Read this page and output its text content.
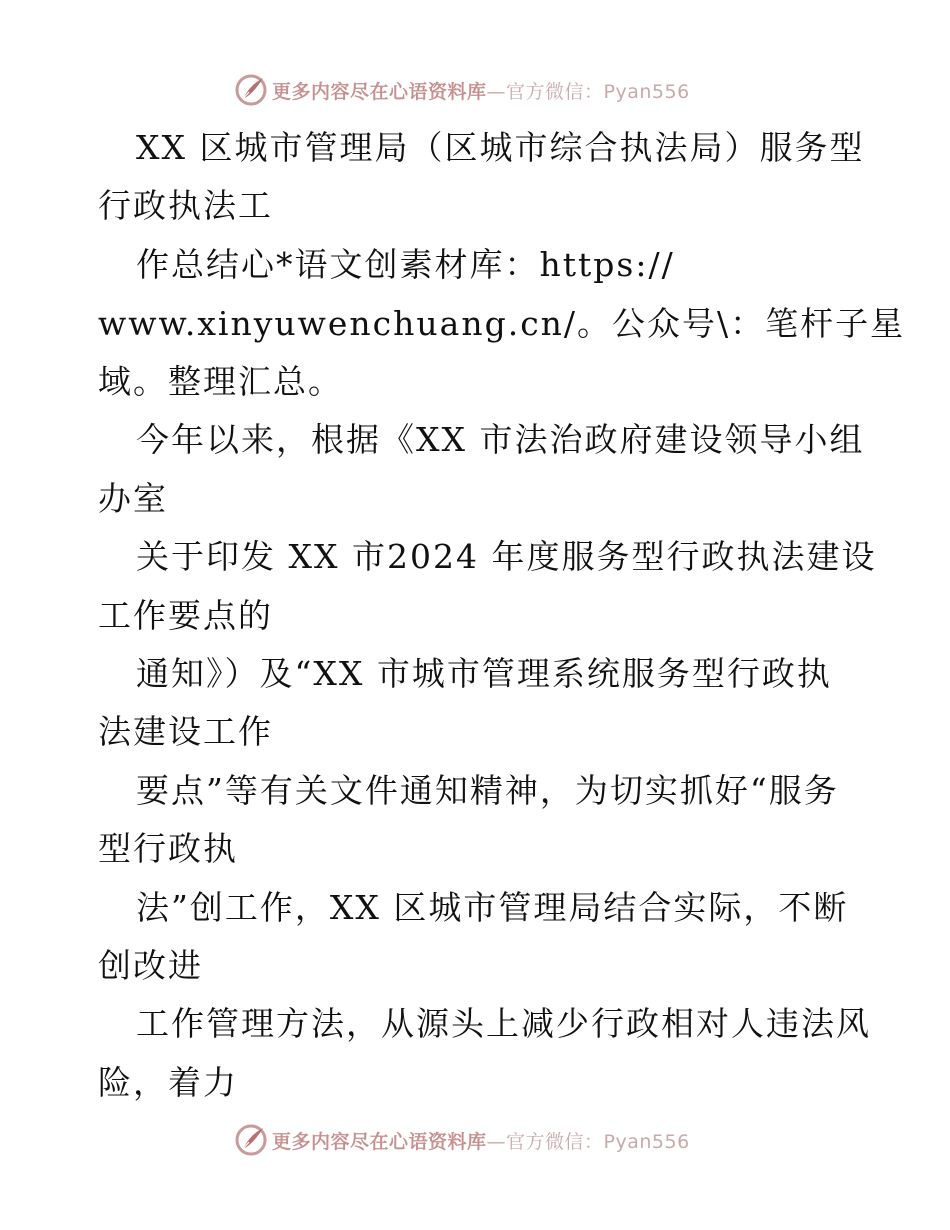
更多内容尽在心语资料库—官方微信：Pyan556
XX 区城市管理局（区城市综合执法局）服务型
行政执法工
作总结心*语文创素材库：https://
www.xinyuwenchuang.cn/。公众号\：笔杆子星
域。整理汇总。
今年以来，根据《XX 市法治政府建设领导小组
办室
关于印发 XX 市2024 年度服务型行政执法建设
工作要点的
通知》）及“XX 市城市管理系统服务型行政执
法建设工作
要点”等有关文件通知精神，为切实抓好“服务
型行政执
法”创工作，XX 区城市管理局结合实际，不断
创改进
工作管理方法，从源头上减少行政相对人违法风
险，着力
更多内容尽在心语资料库—官方微信：Pyan556
